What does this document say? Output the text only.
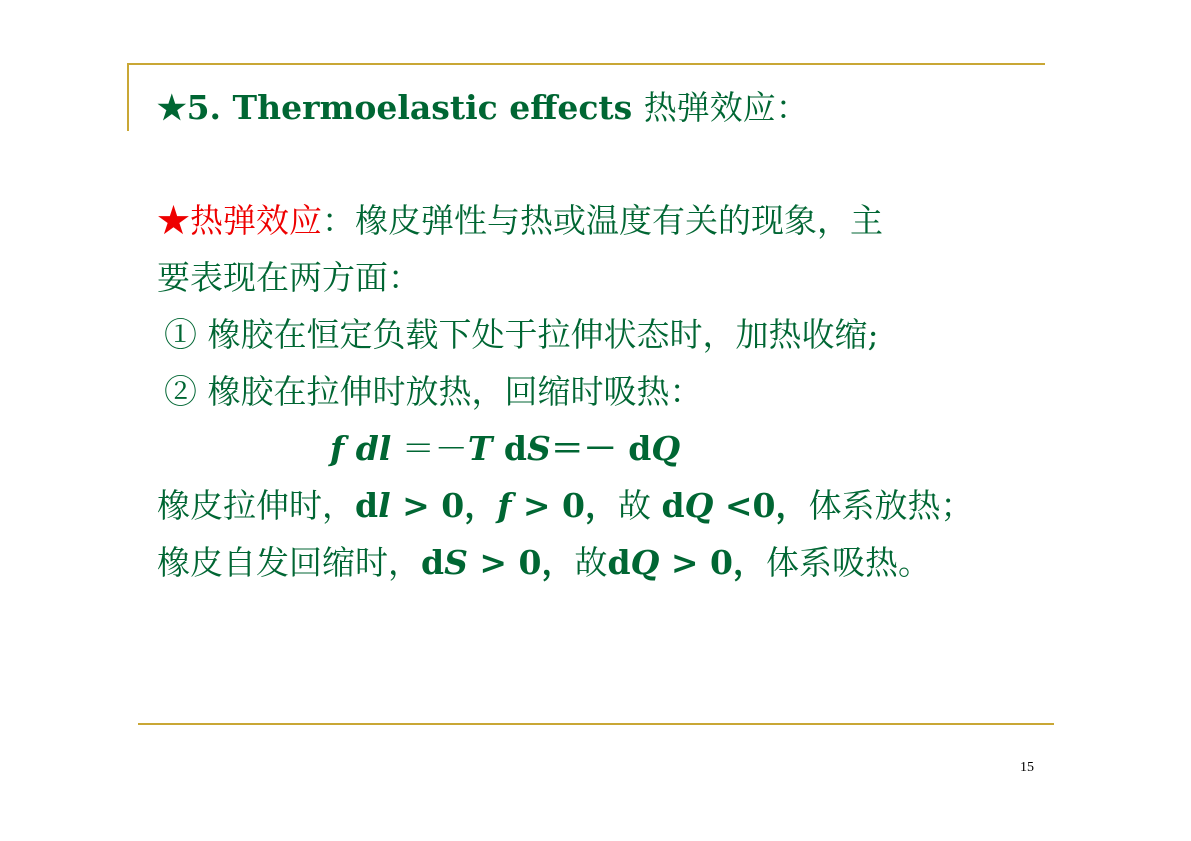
★5. Thermoelastic effects 热弹效应：
★热弹效应：橡皮弹性与热或温度有关的现象，主
要表现在两方面：
① 橡胶在恒定负载下处于拉伸状态时，加热收缩;
② 橡胶在拉伸时放热，回缩时吸热：
f dl ＝－T dS＝－ dQ
橡皮拉伸时，dl > 0，f > 0，故 dQ <0，体系放热；
橡皮自发回缩时，dS > 0，故dQ > 0，体系吸热。
15
